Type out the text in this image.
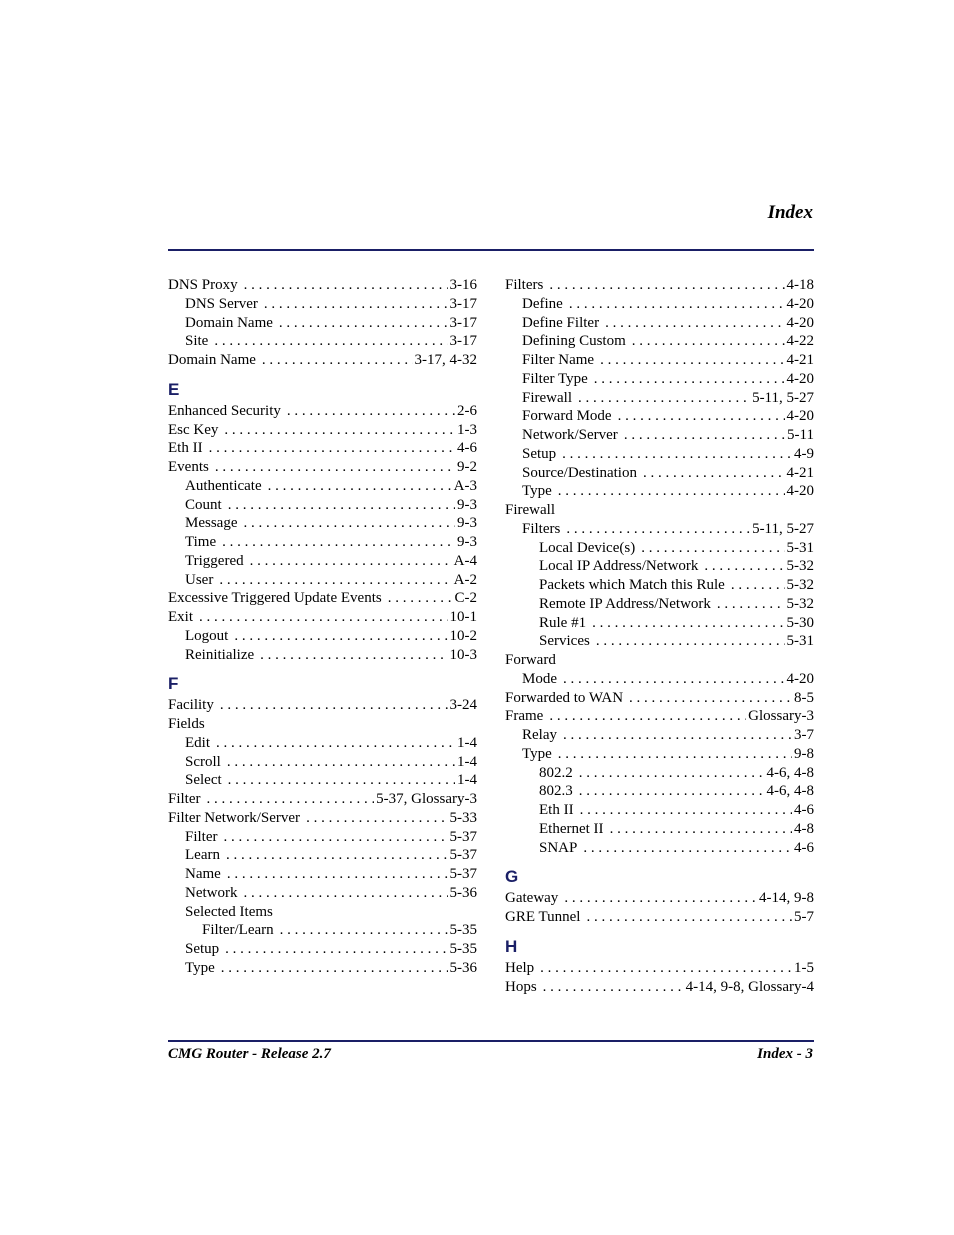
Index
DNS Proxy . . .	3-16
DNS Server . . .	3-17
Domain Name . . .	3-17
Site . . .	3-17
Domain Name . . .	3-17, 4-32
E
Enhanced Security . . .	2-6
Esc Key . . .	1-3
Eth II . . .	4-6
Events . . .	9-2
Authenticate . . .	A-3
Count . . .	9-3
Message . . .	9-3
Time . . .	9-3
Triggered . . .	A-4
User . . .	A-2
Excessive Triggered Update Events . . .	C-2
Exit . . .	10-1
Logout . . .	10-2
Reinitialize . . .	10-3
F
Facility . . .	3-24
Fields
Edit . . .	1-4
Scroll . . .	1-4
Select . . .	1-4
Filter . . .	5-37, Glossary-3
Filter Network/Server . . .	5-33
Filter . . .	5-37
Learn . . .	5-37
Name . . .	5-37
Network . . .	5-36
Selected Items
Filter/Learn . . .	5-35
Setup . . .	5-35
Type . . .	5-36
Filters . . .	4-18
Define . . .	4-20
Define Filter . . .	4-20
Defining Custom . . .	4-22
Filter Name . . .	4-21
Filter Type . . .	4-20
Firewall . . .	5-11, 5-27
Forward Mode . . .	4-20
Network/Server . . .	5-11
Setup . . .	4-9
Source/Destination . . .	4-21
Type . . .	4-20
Firewall
Filters . . .	5-11, 5-27
Local Device(s) . . .	5-31
Local IP Address/Network . . .	5-32
Packets which Match this Rule . . .	5-32
Remote IP Address/Network . . .	5-32
Rule #1 . . .	5-30
Services . . .	5-31
Forward
Mode . . .	4-20
Forwarded to WAN . . .	8-5
Frame . . .	Glossary-3
Relay . . .	3-7
Type . . .	9-8
802.2 . . .	4-6, 4-8
802.3 . . .	4-6, 4-8
Eth II . . .	4-6
Ethernet II . . .	4-8
SNAP . . .	4-6
G
Gateway . . .	4-14, 9-8
GRE Tunnel . . .	5-7
H
Help . . .	1-5
Hops . . .	4-14, 9-8, Glossary-4
CMG Router - Release 2.7	Index - 3
